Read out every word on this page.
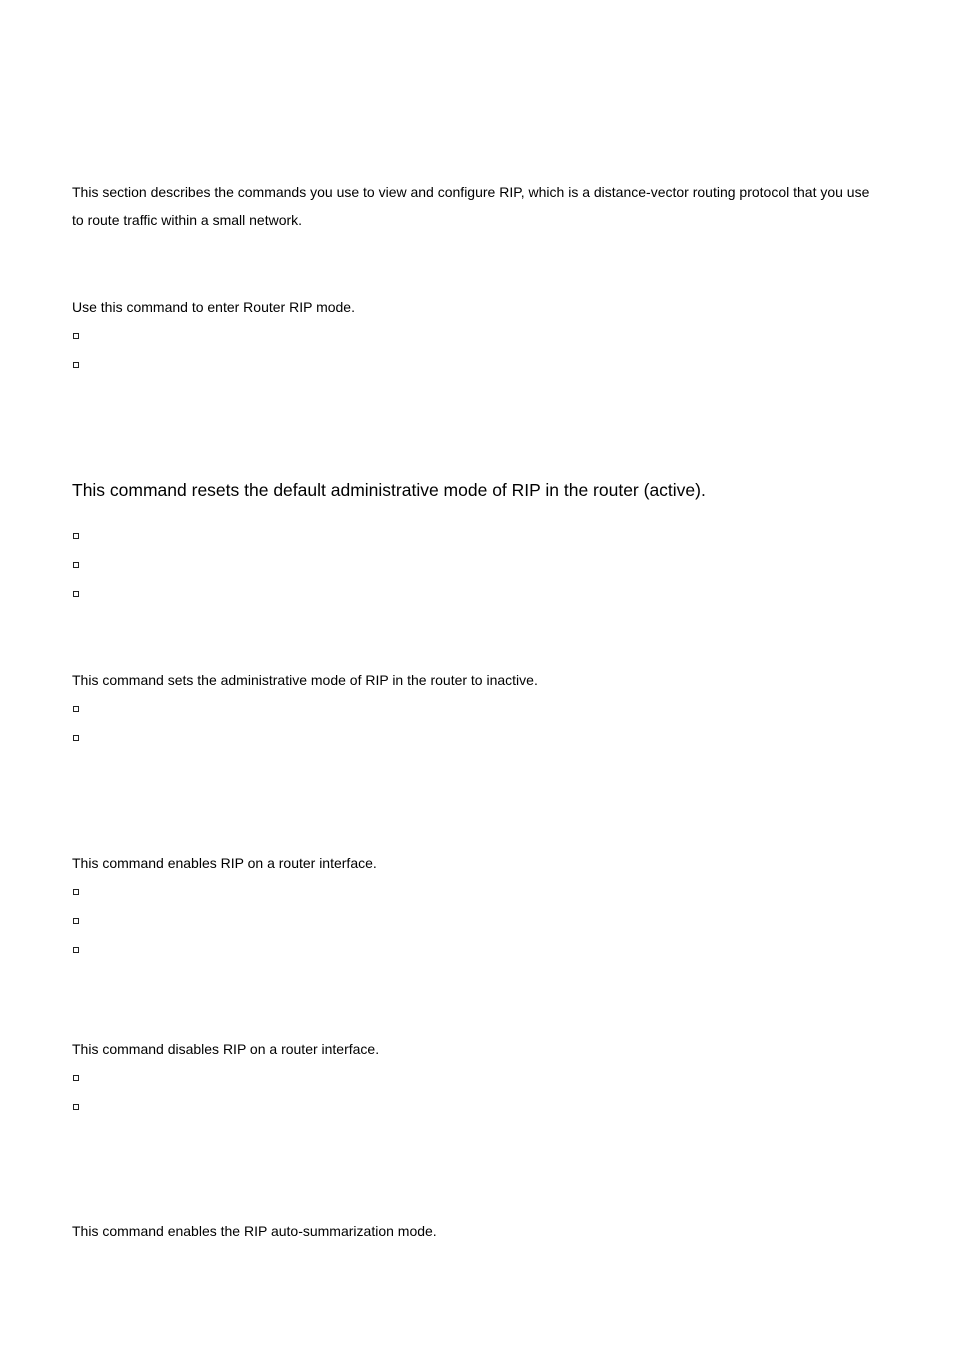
This section describes the commands you use to view and configure RIP, which is a distance-vector routing protocol that you use to route traffic within a small network.

Use this command to enter Router RIP mode.

This command resets the default administrative mode of RIP in the router (active).

This command sets the administrative mode of RIP in the router to inactive.

This command enables RIP on a router interface.

This command disables RIP on a router interface.

This command enables the RIP auto-summarization mode.
